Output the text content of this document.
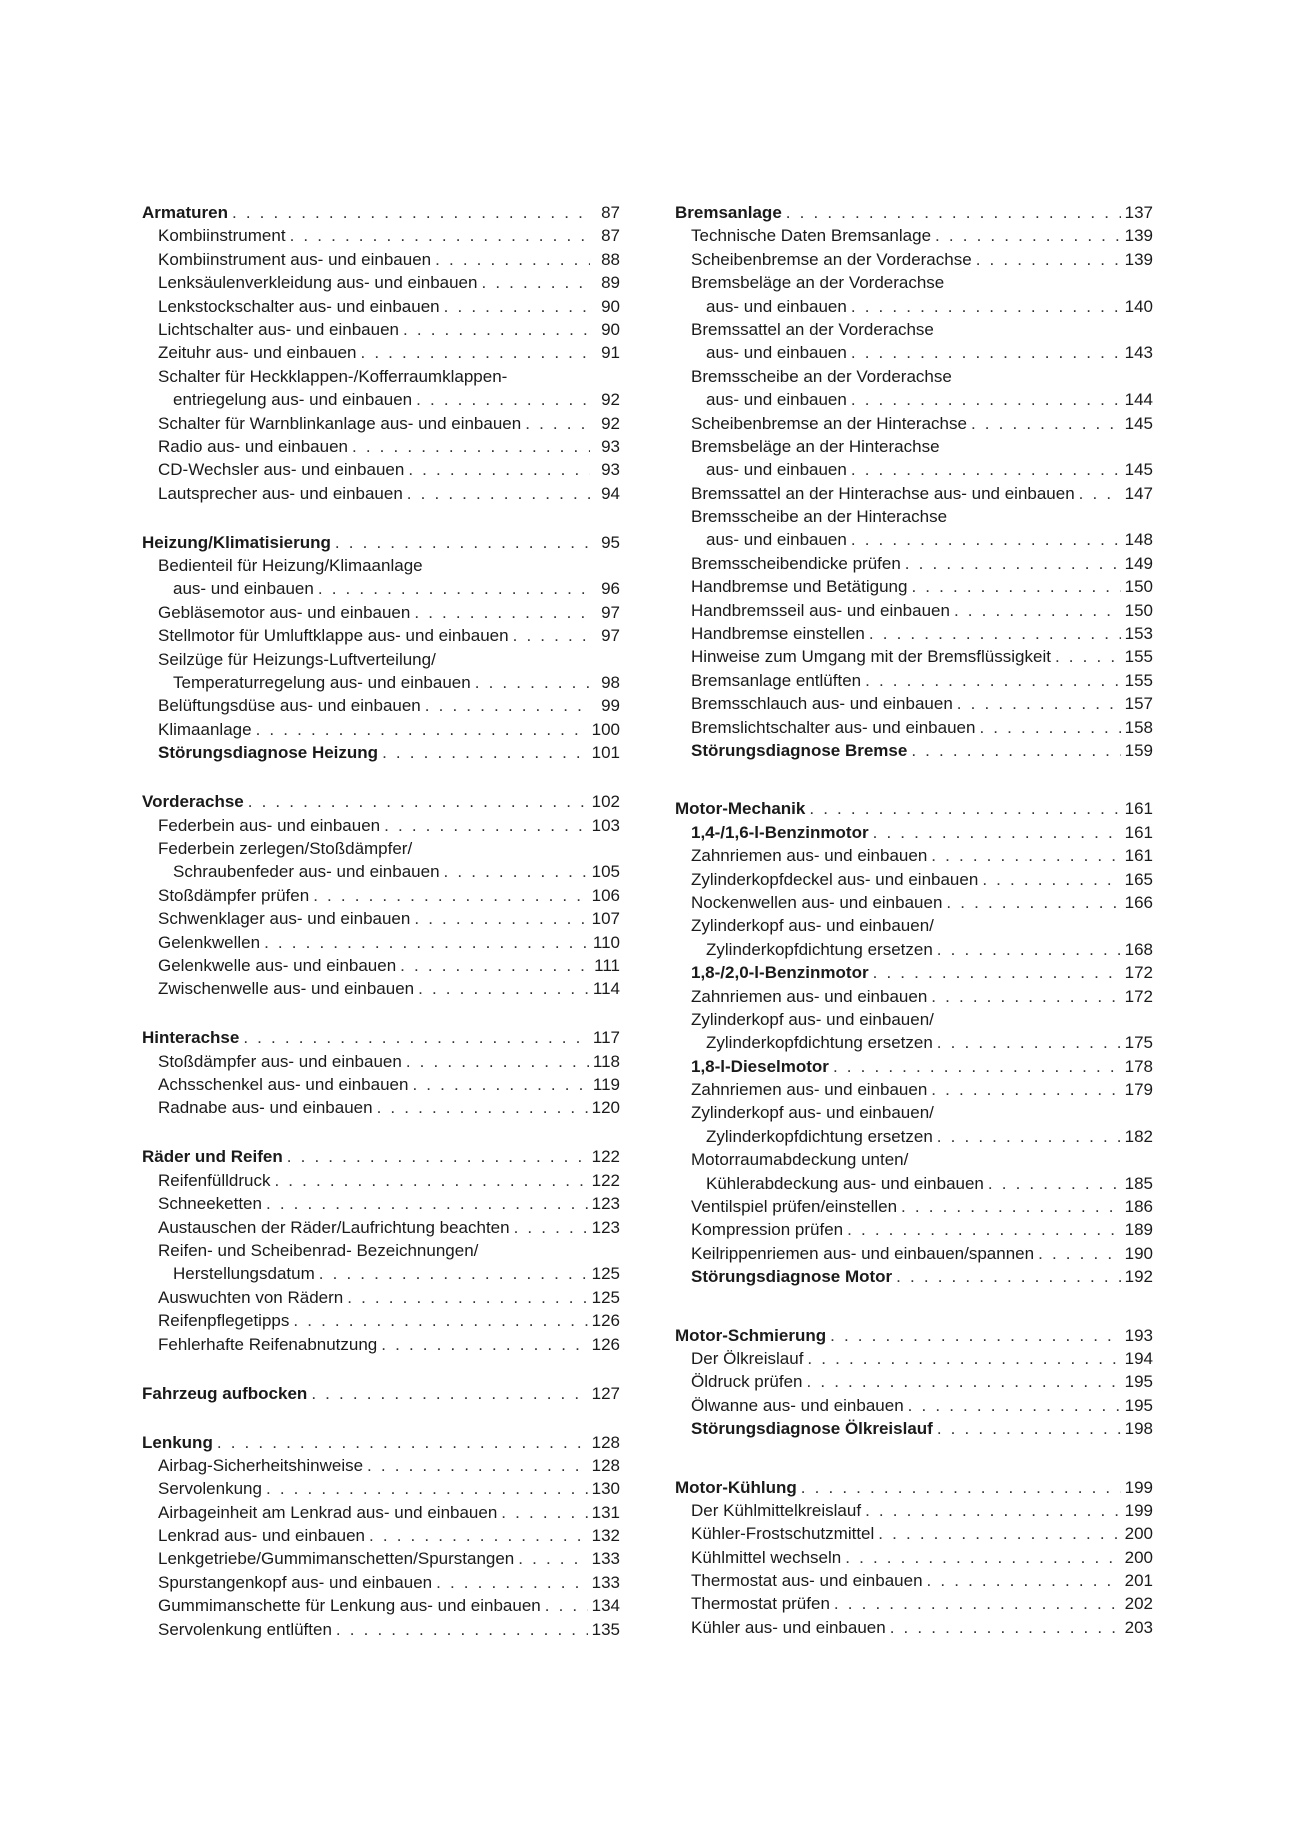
Armaturen . . .	87
Kombiinstrument . . .	87
Kombiinstrument aus- und einbauen . . .	88
Lenksäulenverkleidung aus- und einbauen . . .	89
Lenkstockschalter aus- und einbauen . . .	90
Lichtschalter aus- und einbauen . . .	90
Zeituhr aus- und einbauen . . .	91
Schalter für Heckklappen-/Kofferraumklappen-
entriegelung aus- und einbauen . . .	92
Schalter für Warnblinkanlage aus- und einbauen . . .	92
Radio aus- und einbauen . . .	93
CD-Wechsler aus- und einbauen . . .	93
Lautsprecher aus- und einbauen . . .	94
Heizung/Klimatisierung . . .	95
Bedienteil für Heizung/Klimaanlage
aus- und einbauen . . .	96
Gebläsemotor aus- und einbauen . . .	97
Stellmotor für Umluftklappe aus- und einbauen . . .	97
Seilzüge für Heizungs-Luftverteilung/
Temperaturregelung aus- und einbauen . . .	98
Belüftungsdüse aus- und einbauen . . .	99
Klimaanlage . . .	100
Störungsdiagnose Heizung . . .	101
Vorderachse . . .	102
Federbein aus- und einbauen . . .	103
Federbein zerlegen/Stoßdämpfer/
Schraubenfeder aus- und einbauen . . .	105
Stoßdämpfer prüfen . . .	106
Schwenklager aus- und einbauen . . .	107
Gelenkwellen . . .	110
Gelenkwelle aus- und einbauen . . .	111
Zwischenwelle aus- und einbauen . . .	114
Hinterachse . . .	117
Stoßdämpfer aus- und einbauen . . .	118
Achsschenkel aus- und einbauen . . .	119
Radnabe aus- und einbauen . . .	120
Räder und Reifen . . .	122
Reifenfülldruck . . .	122
Schneeketten . . .	123
Austauschen der Räder/Laufrichtung beachten . . .	123
Reifen- und Scheibenrad- Bezeichnungen/
Herstellungsdatum . . .	125
Auswuchten von Rädern . . .	125
Reifenpflegetipps . . .	126
Fehlerhafte Reifenabnutzung . . .	126
Fahrzeug aufbocken . . .	127
Lenkung . . .	128
Airbag-Sicherheitshinweise . . .	128
Servolenkung . . .	130
Airbageinheit am Lenkrad aus- und einbauen . . .	131
Lenkrad aus- und einbauen . . .	132
Lenkgetriebe/Gummimanschetten/Spurstangen . . .	133
Spurstangenkopf aus- und einbauen . . .	133
Gummimanschette für Lenkung aus- und einbauen . . .	134
Servolenkung entlüften . . .	135
Bremsanlage . . .	137
Technische Daten Bremsanlage . . .	139
Scheibenbremse an der Vorderachse . . .	139
Bremsbeläge an der Vorderachse
aus- und einbauen . . .	140
Bremssattel an der Vorderachse
aus- und einbauen . . .	143
Bremsscheibe an der Vorderachse
aus- und einbauen . . .	144
Scheibenbremse an der Hinterachse . . .	145
Bremsbeläge an der Hinterachse
aus- und einbauen . . .	145
Bremssattel an der Hinterachse aus- und einbauen . . .	147
Bremsscheibe an der Hinterachse
aus- und einbauen . . .	148
Bremsscheibendicke prüfen . . .	149
Handbremse und Betätigung . . .	150
Handbremsseil aus- und einbauen . . .	150
Handbremse einstellen . . .	153
Hinweise zum Umgang mit der Bremsflüssigkeit . . .	155
Bremsanlage entlüften . . .	155
Bremsschlauch aus- und einbauen . . .	157
Bremslichtschalter aus- und einbauen . . .	158
Störungsdiagnose Bremse . . .	159
Motor-Mechanik . . .	161
1,4-/1,6-l-Benzinmotor . . .	161
Zahnriemen aus- und einbauen . . .	161
Zylinderkopfdeckel aus- und einbauen . . .	165
Nockenwellen aus- und einbauen . . .	166
Zylinderkopf aus- und einbauen/
Zylinderkopfdichtung ersetzen . . .	168
1,8-/2,0-l-Benzinmotor . . .	172
Zahnriemen aus- und einbauen . . .	172
Zylinderkopf aus- und einbauen/
Zylinderkopfdichtung ersetzen . . .	175
1,8-l-Dieselmotor . . .	178
Zahnriemen aus- und einbauen . . .	179
Zylinderkopf aus- und einbauen/
Zylinderkopfdichtung ersetzen . . .	182
Motorraumabdeckung unten/
Kühlerabdeckung aus- und einbauen . . .	185
Ventilspiel prüfen/einstellen . . .	186
Kompression prüfen . . .	189
Keilrippenriemen aus- und einbauen/spannen . . .	190
Störungsdiagnose Motor . . .	192
Motor-Schmierung . . .	193
Der Ölkreislauf . . .	194
Öldruck prüfen . . .	195
Ölwanne aus- und einbauen . . .	195
Störungsdiagnose Ölkreislauf . . .	198
Motor-Kühlung . . .	199
Der Kühlmittelkreislauf . . .	199
Kühler-Frostschutzmittel . . .	200
Kühlmittel wechseln . . .	200
Thermostat aus- und einbauen . . .	201
Thermostat prüfen . . .	202
Kühler aus- und einbauen . . .	203
